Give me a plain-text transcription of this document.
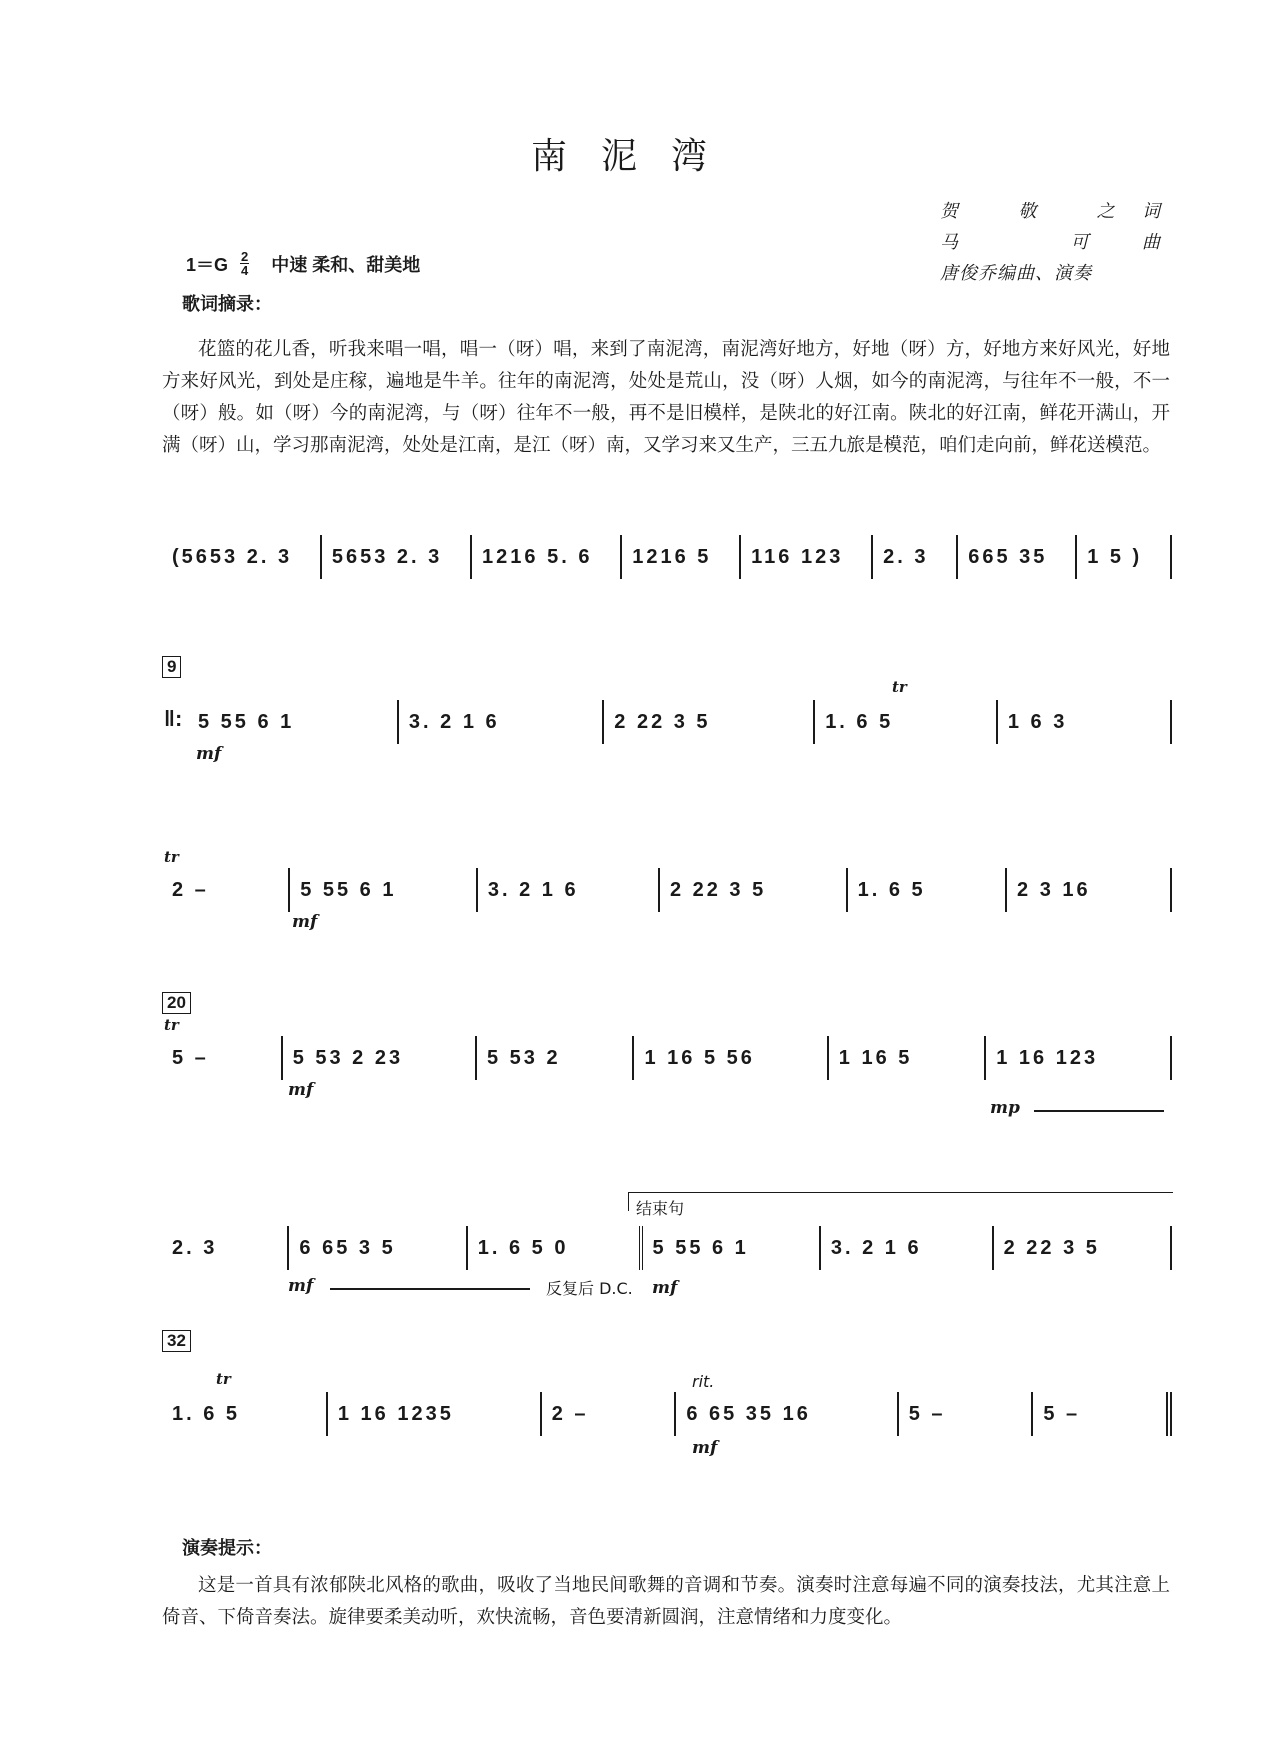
南泥湾
贺 敬 之词
马 可曲
唐俊乔编曲、演奏
$1=G \frac{2}{4}$ 中速 柔和、甜美地
歌词摘录：
花篮的花儿香，听我来唱一唱，唱一（呀）唱，来到了南泥湾，南泥湾好地方，好地（呀）方，好地方来好风光，好地方来好风光，到处是庄稼，遍地是牛羊。往年的南泥湾，处处是荒山，没（呀）人烟，如今的南泥湾，与往年不一般，不一（呀）般。如（呀）今的南泥湾，与（呀）往年不一般，再不是旧模样，是陕北的好江南。陕北的好江南，鲜花开满山，开满（呀）山，学习那南泥湾，处处是江南，是江（呀）南，又学习来又生产，三五九旅是模范，咱们走向前，鲜花送模范。
(5653 2. 3	5653 2. 3	1216 5. 6	1216 5	116 123	2. 3	665 35	1 5 )
9
tr
‖: 5 55 6 1	3. 2 1 6	2 22 3 5	1. 6 5	1 6 3
mf
tr
2 –	5 55 6 1	3. 2 1 6	2 22 3 5	1. 6 5	2 3 16
mf
20
tr
5 –	5 53 2 23	5 53 2	1 16 5 56	1 16 5	1 16 123
mf
mp
结束句
2. 3	6 65 3 5	1. 6 5 0	5 55 6 1	3. 2 1 6	2 22 3 5
mf	反复后 D.C. mf
32
tr	rit.
1. 6 5	1 16 1235	2 –	6 65 35 16	5 –	5 –
mf
演奏提示：
这是一首具有浓郁陕北风格的歌曲，吸收了当地民间歌舞的音调和节奏。演奏时注意每遍不同的演奏技法，尤其注意上倚音、下倚音奏法。旋律要柔美动听，欢快流畅，音色要清新圆润，注意情绪和力度变化。
